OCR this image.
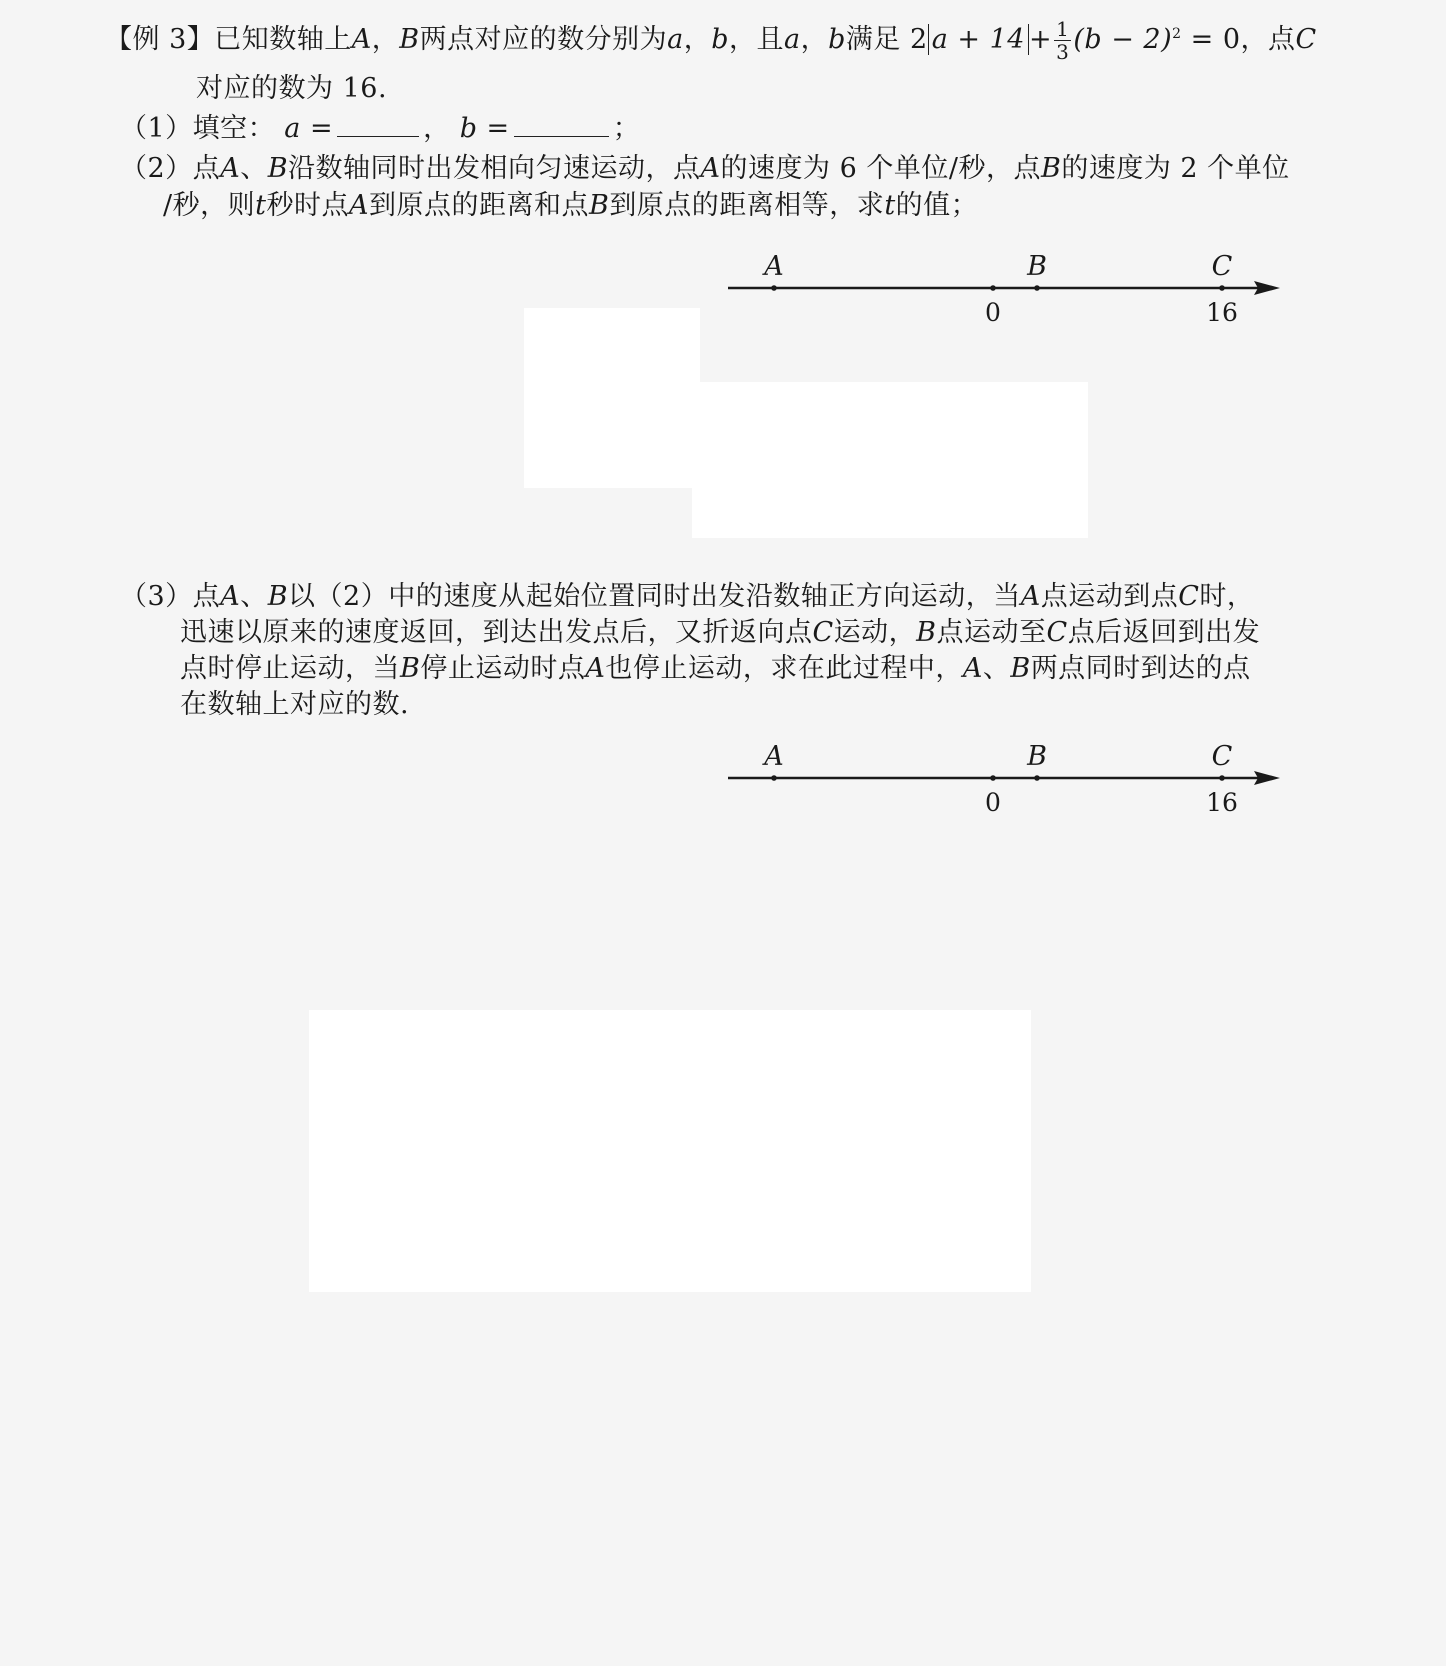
【例 3】已知数轴上A，B两点对应的数分别为a，b，且a，b满足 2 $a + 14 + \frac{1}{3} (b - 2)^2 = 0$，点C
对应的数为 16.
（1）填空： a =	， b =	；
（2）点A、B沿数轴同时出发相向匀速运动，点A的速度为 6 个单位/秒，点B的速度为 2 个单位
/秒，则t秒时点A到原点的距离和点B到原点的距离相等，求t的值；
A	B	C
0	16
（3）点A、B以（2）中的速度从起始位置同时出发沿数轴正方向运动，当A点运动到点C时，
迅速以原来的速度返回，到达出发点后，又折返向点C运动，B点运动至C点后返回到出发
点时停止运动，当B停止运动时点A也停止运动，求在此过程中，A、B两点同时到达的点
在数轴上对应的数.
A	B	C
0	16
